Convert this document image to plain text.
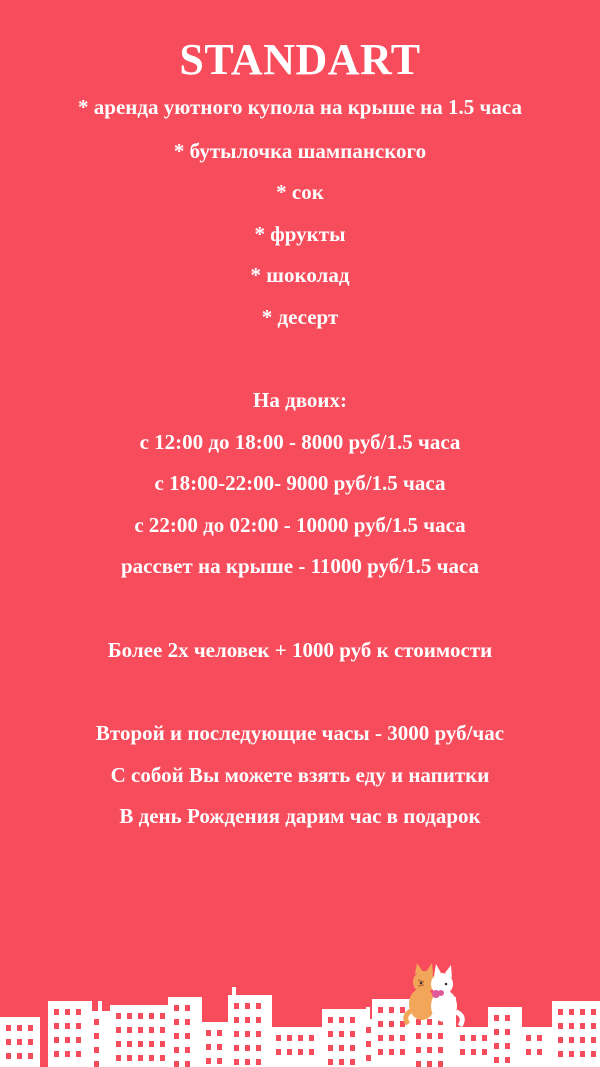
STANDART
* аренда уютного купола на крыше на 1.5 часа
* бутылочка шампанского
* сок
* фрукты
* шоколад
* десерт
На двоих:
с 12:00 до 18:00 - 8000 руб/1.5 часа
с 18:00-22:00- 9000 руб/1.5 часа
с 22:00 до 02:00 - 10000 руб/1.5 часа
рассвет на крыше - 11000 руб/1.5 часа
Более 2х человек + 1000 руб к стоимости
Второй и последующие часы - 3000 руб/час
С собой Вы можете взять еду и напитки
В день Рождения дарим час в подарок
